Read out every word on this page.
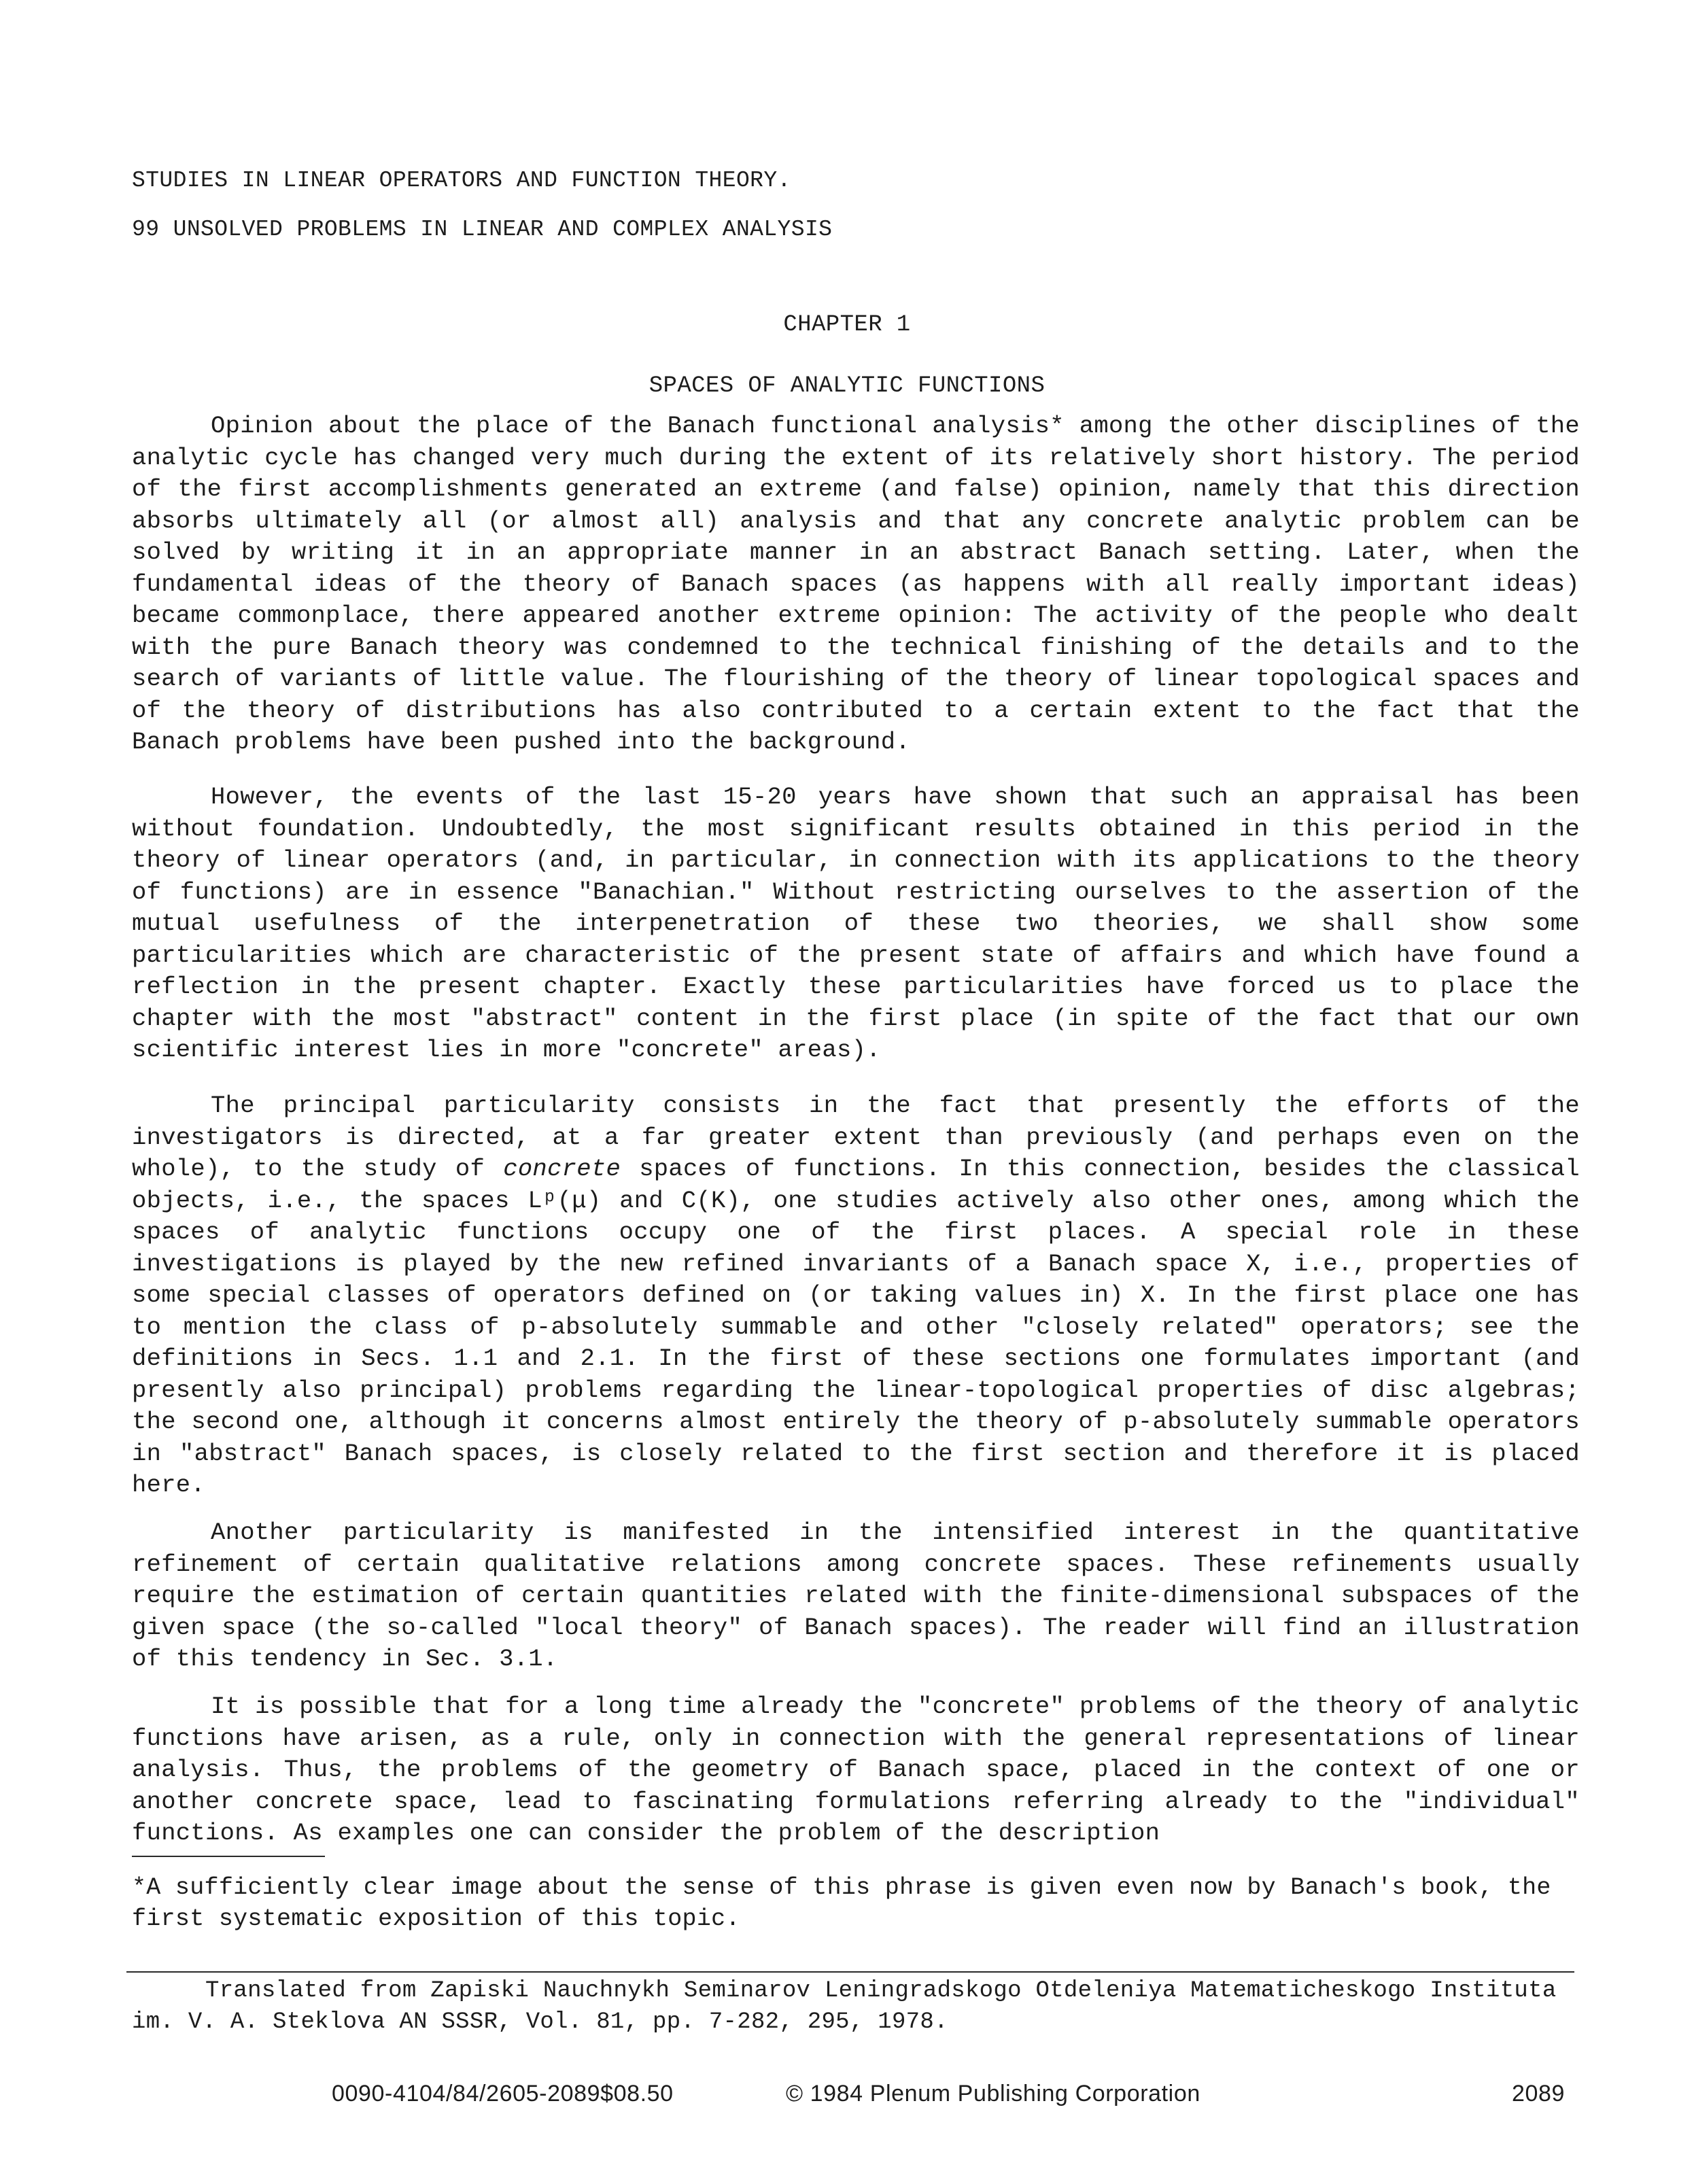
STUDIES IN LINEAR OPERATORS AND FUNCTION THEORY.
99 UNSOLVED PROBLEMS IN LINEAR AND COMPLEX ANALYSIS
CHAPTER 1
SPACES OF ANALYTIC FUNCTIONS

Opinion about the place of the Banach functional analysis* among the other disciplines of the analytic cycle has changed very much during the extent of its relatively short history. The period of the first accomplishments generated an extreme (and false) opinion, namely that this direction absorbs ultimately all (or almost all) analysis and that any concrete analytic problem can be solved by writing it in an appropriate manner in an abstract Banach setting. Later, when the fundamental ideas of the theory of Banach spaces (as happens with all really important ideas) became commonplace, there appeared another extreme opinion: The activity of the people who dealt with the pure Banach theory was condemned to the technical finishing of the details and to the search of variants of little value. The flourishing of the theory of linear topological spaces and of the theory of distributions has also contributed to a certain extent to the fact that the Banach problems have been pushed into the background.

However, the events of the last 15-20 years have shown that such an appraisal has been without foundation. Undoubtedly, the most significant results obtained in this period in the theory of linear operators (and, in particular, in connection with its applications to the theory of functions) are in essence "Banachian." Without restricting ourselves to the assertion of the mutual usefulness of the interpenetration of these two theories, we shall show some particularities which are characteristic of the present state of affairs and which have found a reflection in the present chapter. Exactly these particularities have forced us to place the chapter with the most "abstract" content in the first place (in spite of the fact that our own scientific interest lies in more "concrete" areas).

The principal particularity consists in the fact that presently the efforts of the investigators is directed, at a far greater extent than previously (and perhaps even on the whole), to the study of concrete spaces of functions. In this connection, besides the classical objects, i.e., the spaces Lᵖ(μ) and C(K), one studies actively also other ones, among which the spaces of analytic functions occupy one of the first places. A special role in these investigations is played by the new refined invariants of a Banach space X, i.e., properties of some special classes of operators defined on (or taking values in) X. In the first place one has to mention the class of p-absolutely summable and other "closely related" operators; see the definitions in Secs. 1.1 and 2.1. In the first of these sections one formulates important (and presently also principal) problems regarding the linear-topological properties of disc algebras; the second one, although it concerns almost entirely the theory of p-absolutely summable operators in "abstract" Banach spaces, is closely related to the first section and therefore it is placed here.

Another particularity is manifested in the intensified interest in the quantitative refinement of certain qualitative relations among concrete spaces. These refinements usually require the estimation of certain quantities related with the finite-dimensional subspaces of the given space (the so-called "local theory" of Banach spaces). The reader will find an illustration of this tendency in Sec. 3.1.

It is possible that for a long time already the "concrete" problems of the theory of analytic functions have arisen, as a rule, only in connection with the general representations of linear analysis. Thus, the problems of the geometry of Banach space, placed in the context of one or another concrete space, lead to fascinating formulations referring already to the "individual" functions. As examples one can consider the problem of the description

*A sufficiently clear image about the sense of this phrase is given even now by Banach's book, the first systematic exposition of this topic.

Translated from Zapiski Nauchnykh Seminarov Leningradskogo Otdeleniya Matematicheskogo Instituta im. V. A. Steklova AN SSSR, Vol. 81, pp. 7-282, 295, 1978.

0090-4104/84/2605-2089$08.50	© 1984 Plenum Publishing Corporation	2089
